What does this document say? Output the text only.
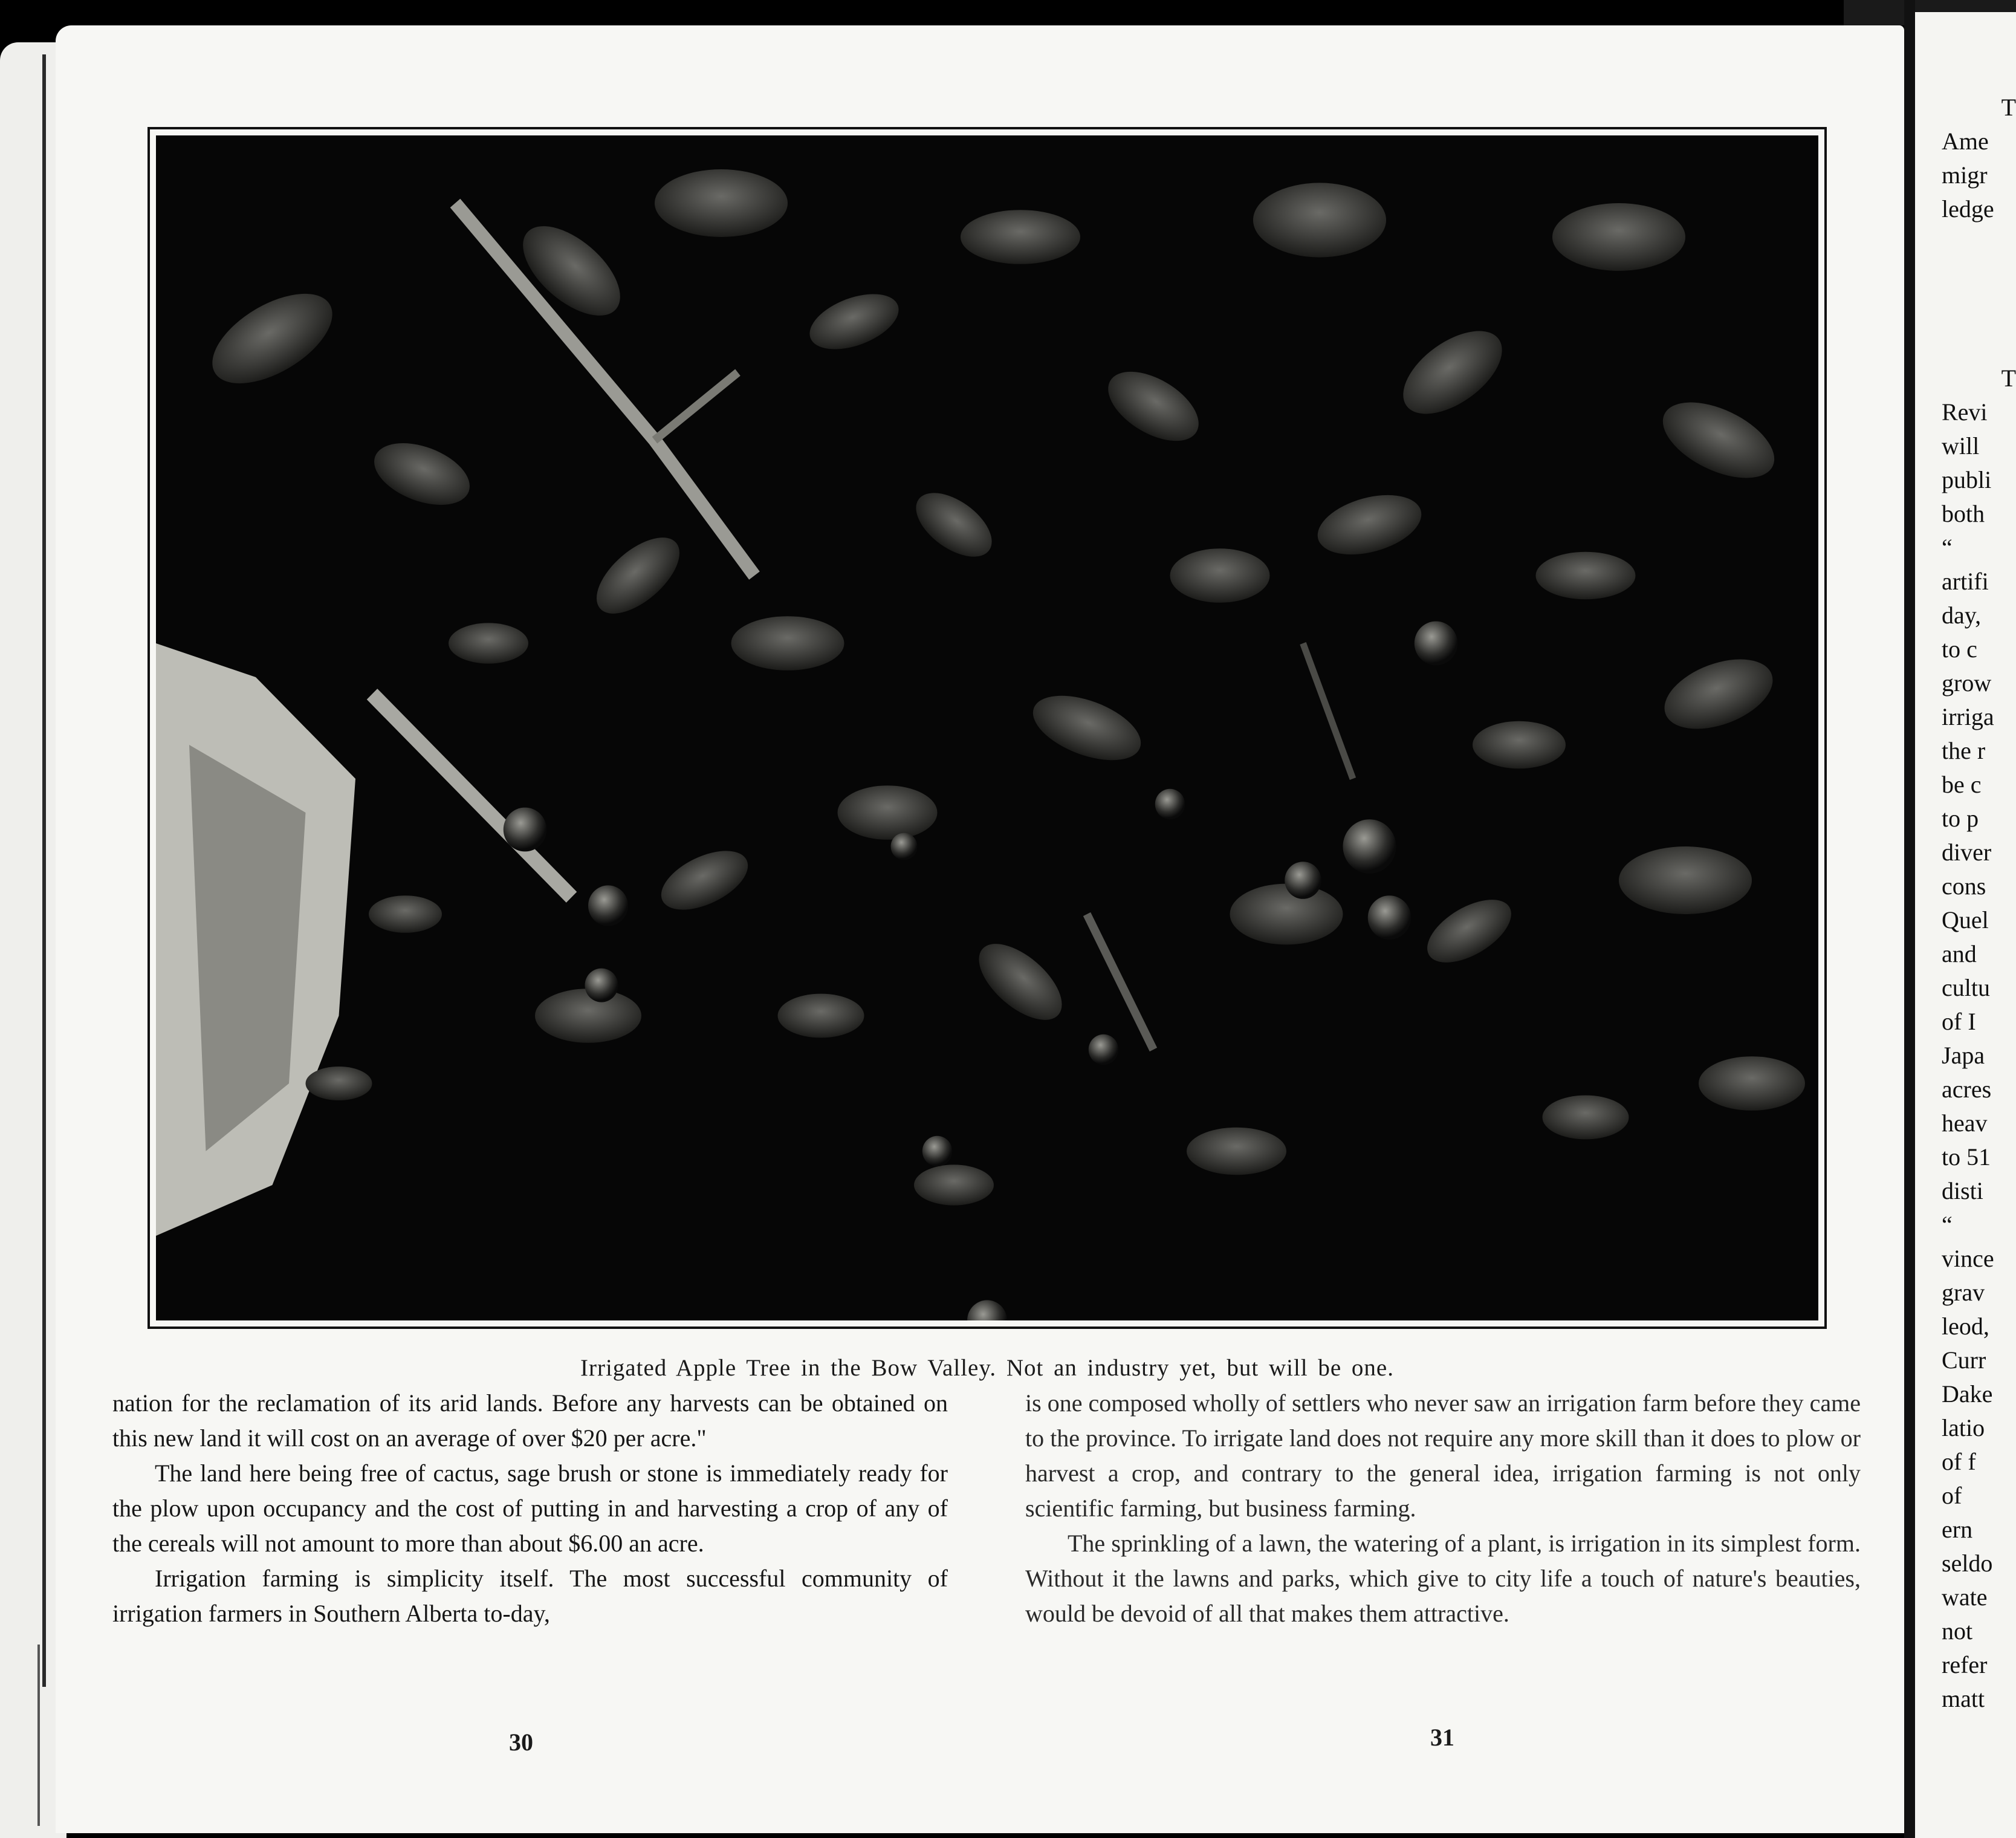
Irrigated Apple Tree in the Bow Valley. Not an industry yet, but will be one.

nation for the reclamation of its arid lands. Before any harvests can be obtained on this new land it will cost on an average of over $20 per acre."

The land here being free of cactus, sage brush or stone is immediately ready for the plow upon occupancy and the cost of putting in and harvesting a crop of any of the cereals will not amount to more than about $6.00 an acre.

Irrigation farming is simplicity itself. The most successful community of irrigation farmers in Southern Alberta to-day,

is one composed wholly of settlers who never saw an irrigation farm before they came to the province. To irrigate land does not require any more skill than it does to plow or harvest a crop, and contrary to the general idea, irrigation farming is not only scientific farming, but business farming.

The sprinkling of a lawn, the watering of a plant, is irrigation in its simplest form. Without it the lawns and parks, which give to city life a touch of nature's beauties, would be devoid of all that makes them attractive.

30	31
T
Ame
migr
ledge
T
Revi
will
publi
both
“
artifi
day,
to c
grow
irriga
the r
be c
to p
diver
cons
Quel
and
cultu
of I
Japa
acres
heav
to 51
disti
“
vince
grav
leod,
Curr
Dake
latio
of f
of
ern
seldo
wate
not
refer
matt
